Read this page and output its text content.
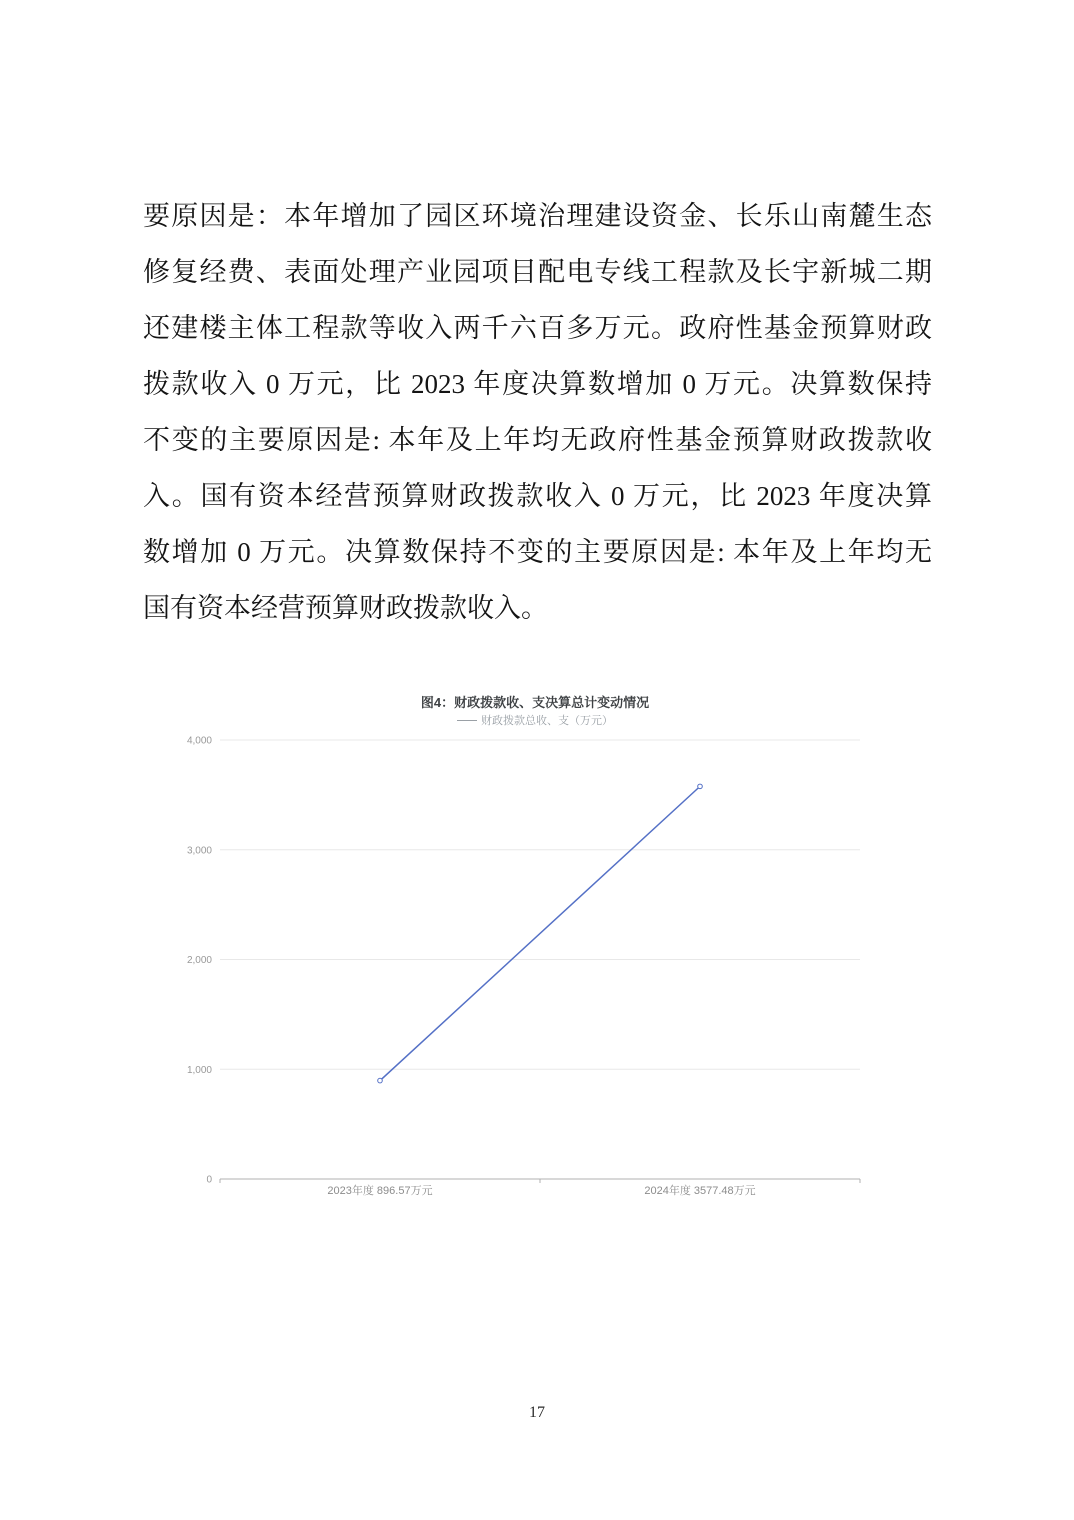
要原因是：本年增加了园区环境治理建设资金、长乐山南麓生态
修复经费、表面处理产业园项目配电专线工程款及长宇新城二期
还建楼主体工程款等收入两千六百多万元。政府性基金预算财政
拨款收入 0 万元，比 2023 年度决算数增加 0 万元。决算数保持
不变的主要原因是: 本年及上年均无政府性基金预算财政拨款收
入。国有资本经营预算财政拨款收入 0 万元，比 2023 年度决算
数增加 0 万元。决算数保持不变的主要原因是: 本年及上年均无
国有资本经营预算财政拨款收入。
图4：财政拨款收、支决算总计变动情况
财政拨款总收、支（万元）
0
1,000
2,000
3,000
4,000
2023年度 896.57万元	2024年度 3577.48万元
17
